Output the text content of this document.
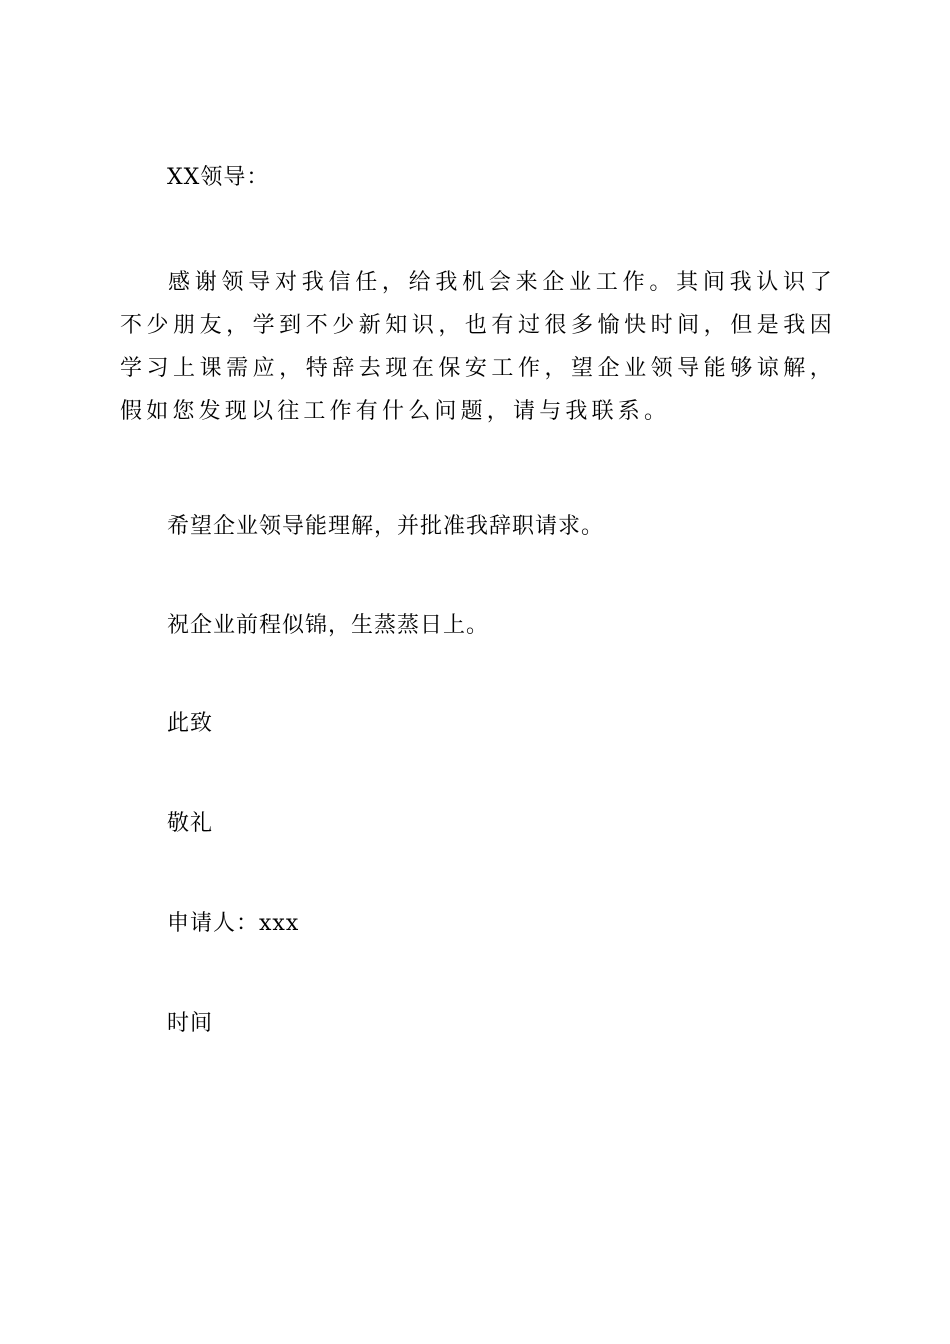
XX领导：

感谢领导对我信任，给我机会来企业工作。其间我认识了不少朋友，学到不少新知识，也有过很多愉快时间，但是我因学习上课需应，特辞去现在保安工作，望企业领导能够谅解，假如您发现以往工作有什么问题，请与我联系。

希望企业领导能理解，并批准我辞职请求。
祝企业前程似锦，生蒸蒸日上。
此致
敬礼
申请人：xxx
时间
